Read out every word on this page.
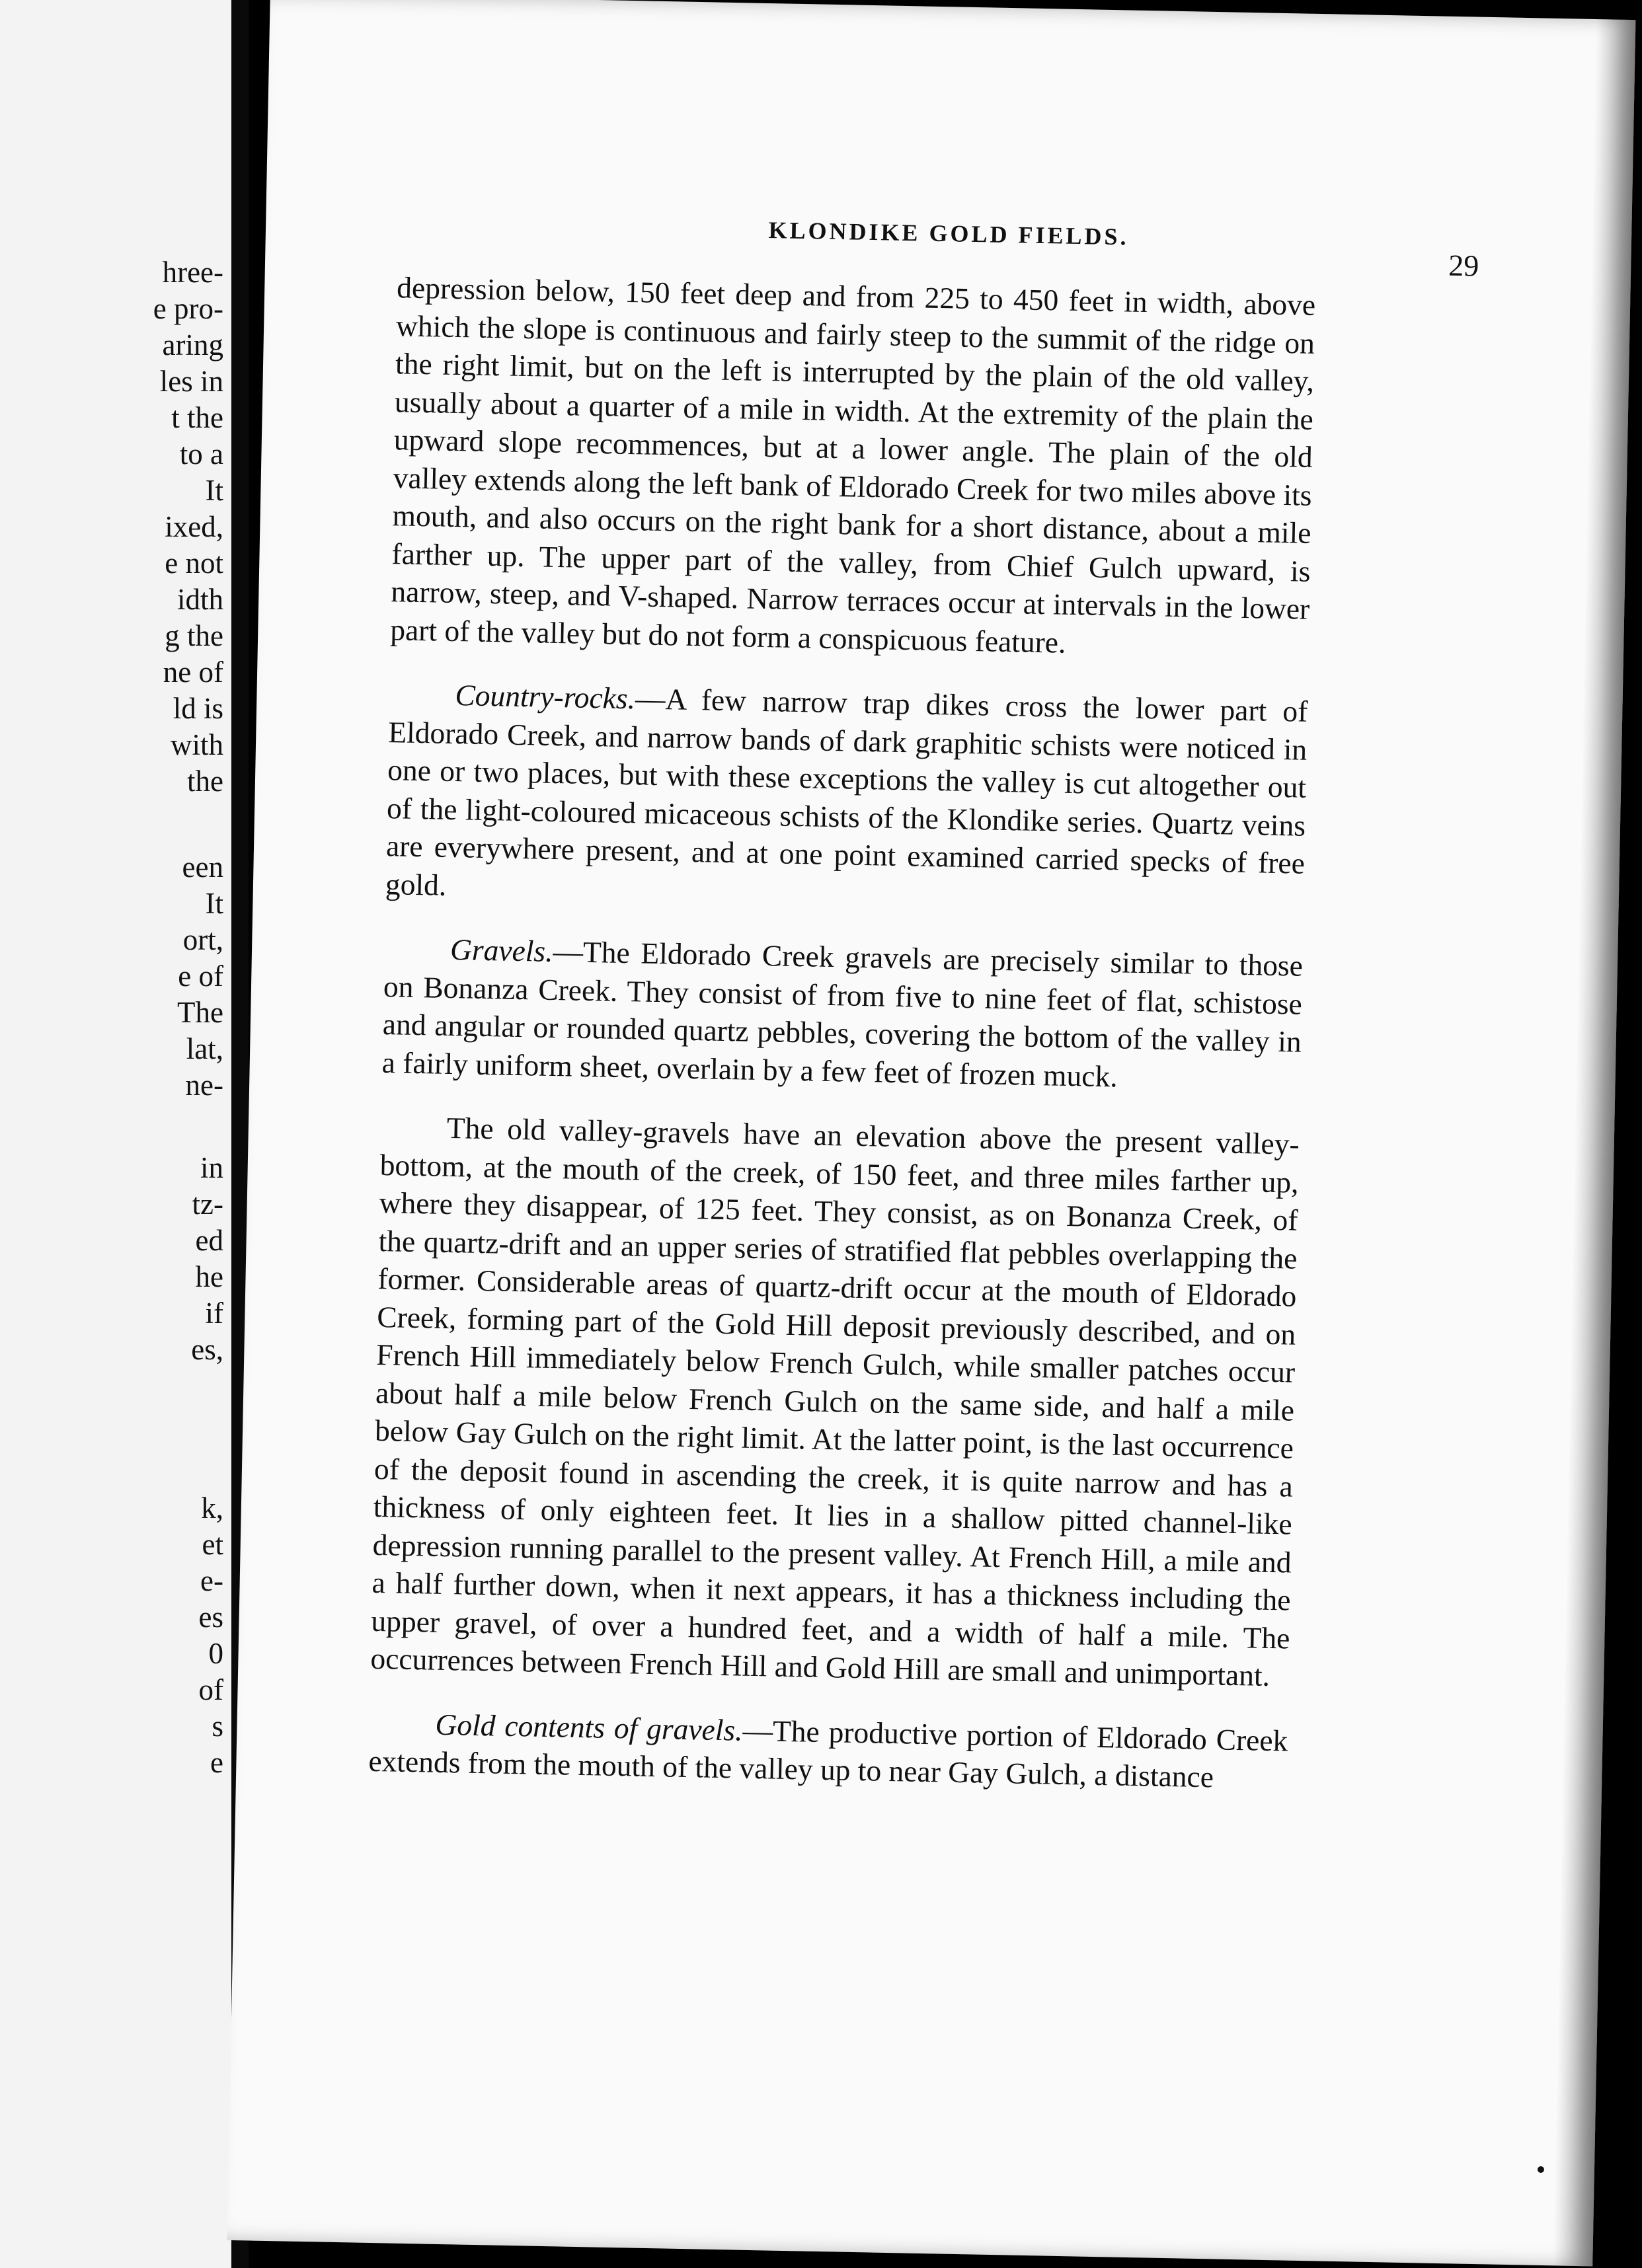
hree-
e pro-
aring
les in
t the
to a
It
ixed,
e not
idth
g the
ne of
ld is
with
the
een
It
ort,
e of
The
lat,
ne-
in
tz-
ed
he
if
es,
k,
et
e-
es
0
of
s
e
KLONDIKE GOLD FIELDS.
29

depression below, 150 feet deep and from 225 to 450 feet in width, above which the slope is continuous and fairly steep to the summit of the ridge on the right limit, but on the left is interrupted by the plain of the old valley, usually about a quarter of a mile in width. At the extremity of the plain the upward slope recommences, but at a lower angle. The plain of the old valley extends along the left bank of Eldorado Creek for two miles above its mouth, and also occurs on the right bank for a short distance, about a mile farther up. The upper part of the valley, from Chief Gulch upward, is narrow, steep, and V-shaped. Narrow terraces occur at intervals in the lower part of the valley but do not form a conspicuous feature.

Country-rocks.—A few narrow trap dikes cross the lower part of Eldorado Creek, and narrow bands of dark graphitic schists were noticed in one or two places, but with these exceptions the valley is cut altogether out of the light-coloured micaceous schists of the Klondike series. Quartz veins are everywhere present, and at one point examined carried specks of free gold.

Gravels.—The Eldorado Creek gravels are precisely similar to those on Bonanza Creek. They consist of from five to nine feet of flat, schistose and angular or rounded quartz pebbles, covering the bottom of the valley in a fairly uniform sheet, overlain by a few feet of frozen muck.

The old valley-gravels have an elevation above the present valley-bottom, at the mouth of the creek, of 150 feet, and three miles farther up, where they disappear, of 125 feet. They consist, as on Bonanza Creek, of the quartz-drift and an upper series of stratified flat pebbles overlapping the former. Considerable areas of quartz-drift occur at the mouth of Eldorado Creek, forming part of the Gold Hill deposit previously described, and on French Hill immediately below French Gulch, while smaller patches occur about half a mile below French Gulch on the same side, and half a mile below Gay Gulch on the right limit. At the latter point, is the last occurrence of the deposit found in ascending the creek, it is quite narrow and has a thickness of only eighteen feet. It lies in a shallow pitted channel-like depression running parallel to the present valley. At French Hill, a mile and a half further down, when it next appears, it has a thickness including the upper gravel, of over a hundred feet, and a width of half a mile. The occurrences between French Hill and Gold Hill are small and unimportant.

Gold contents of gravels.—The productive portion of Eldorado Creek extends from the mouth of the valley up to near Gay Gulch, a distance
